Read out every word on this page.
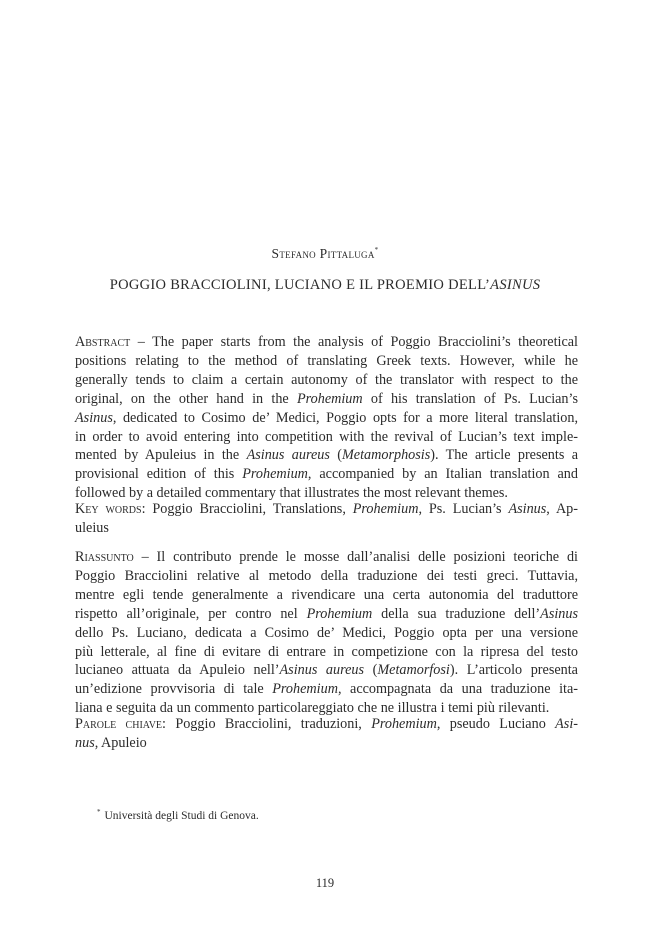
Stefano Pittaluga*
POGGIO BRACCIOLINI, LUCIANO E IL PROEMIO DELL’ASINUS
Abstract – The paper starts from the analysis of Poggio Bracciolini’s theoretical
positions relating to the method of translating Greek texts. However, while he
generally tends to claim a certain autonomy of the translator with respect to the
original, on the other hand in the Prohemium of his translation of Ps. Lucian’s
Asinus, dedicated to Cosimo de’ Medici, Poggio opts for a more literal translation,
in order to avoid entering into competition with the revival of Lucian’s text imple-
mented by Apuleius in the Asinus aureus (Metamorphosis). The article presents a
provisional edition of this Prohemium, accompanied by an Italian translation and
followed by a detailed commentary that illustrates the most relevant themes.
Key words: Poggio Bracciolini, Translations, Prohemium, Ps. Lucian’s Asinus, Ap-
uleius
Riassunto – Il contributo prende le mosse dall’analisi delle posizioni teoriche di
Poggio Bracciolini relative al metodo della traduzione dei testi greci. Tuttavia,
mentre egli tende generalmente a rivendicare una certa autonomia del traduttore
rispetto all’originale, per contro nel Prohemium della sua traduzione dell’Asinus
dello Ps. Luciano, dedicata a Cosimo de’ Medici, Poggio opta per una versione
più letterale, al fine di evitare di entrare in competizione con la ripresa del testo
lucianeo attuata da Apuleio nell’Asinus aureus (Metamorfosi). L’articolo presenta
un’edizione provvisoria di tale Prohemium, accompagnata da una traduzione ita-
liana e seguita da un commento particolareggiato che ne illustra i temi più rilevanti.
Parole chiave: Poggio Bracciolini, traduzioni, Prohemium, pseudo Luciano Asi-
nus, Apuleio
* Università degli Studi di Genova.
119
